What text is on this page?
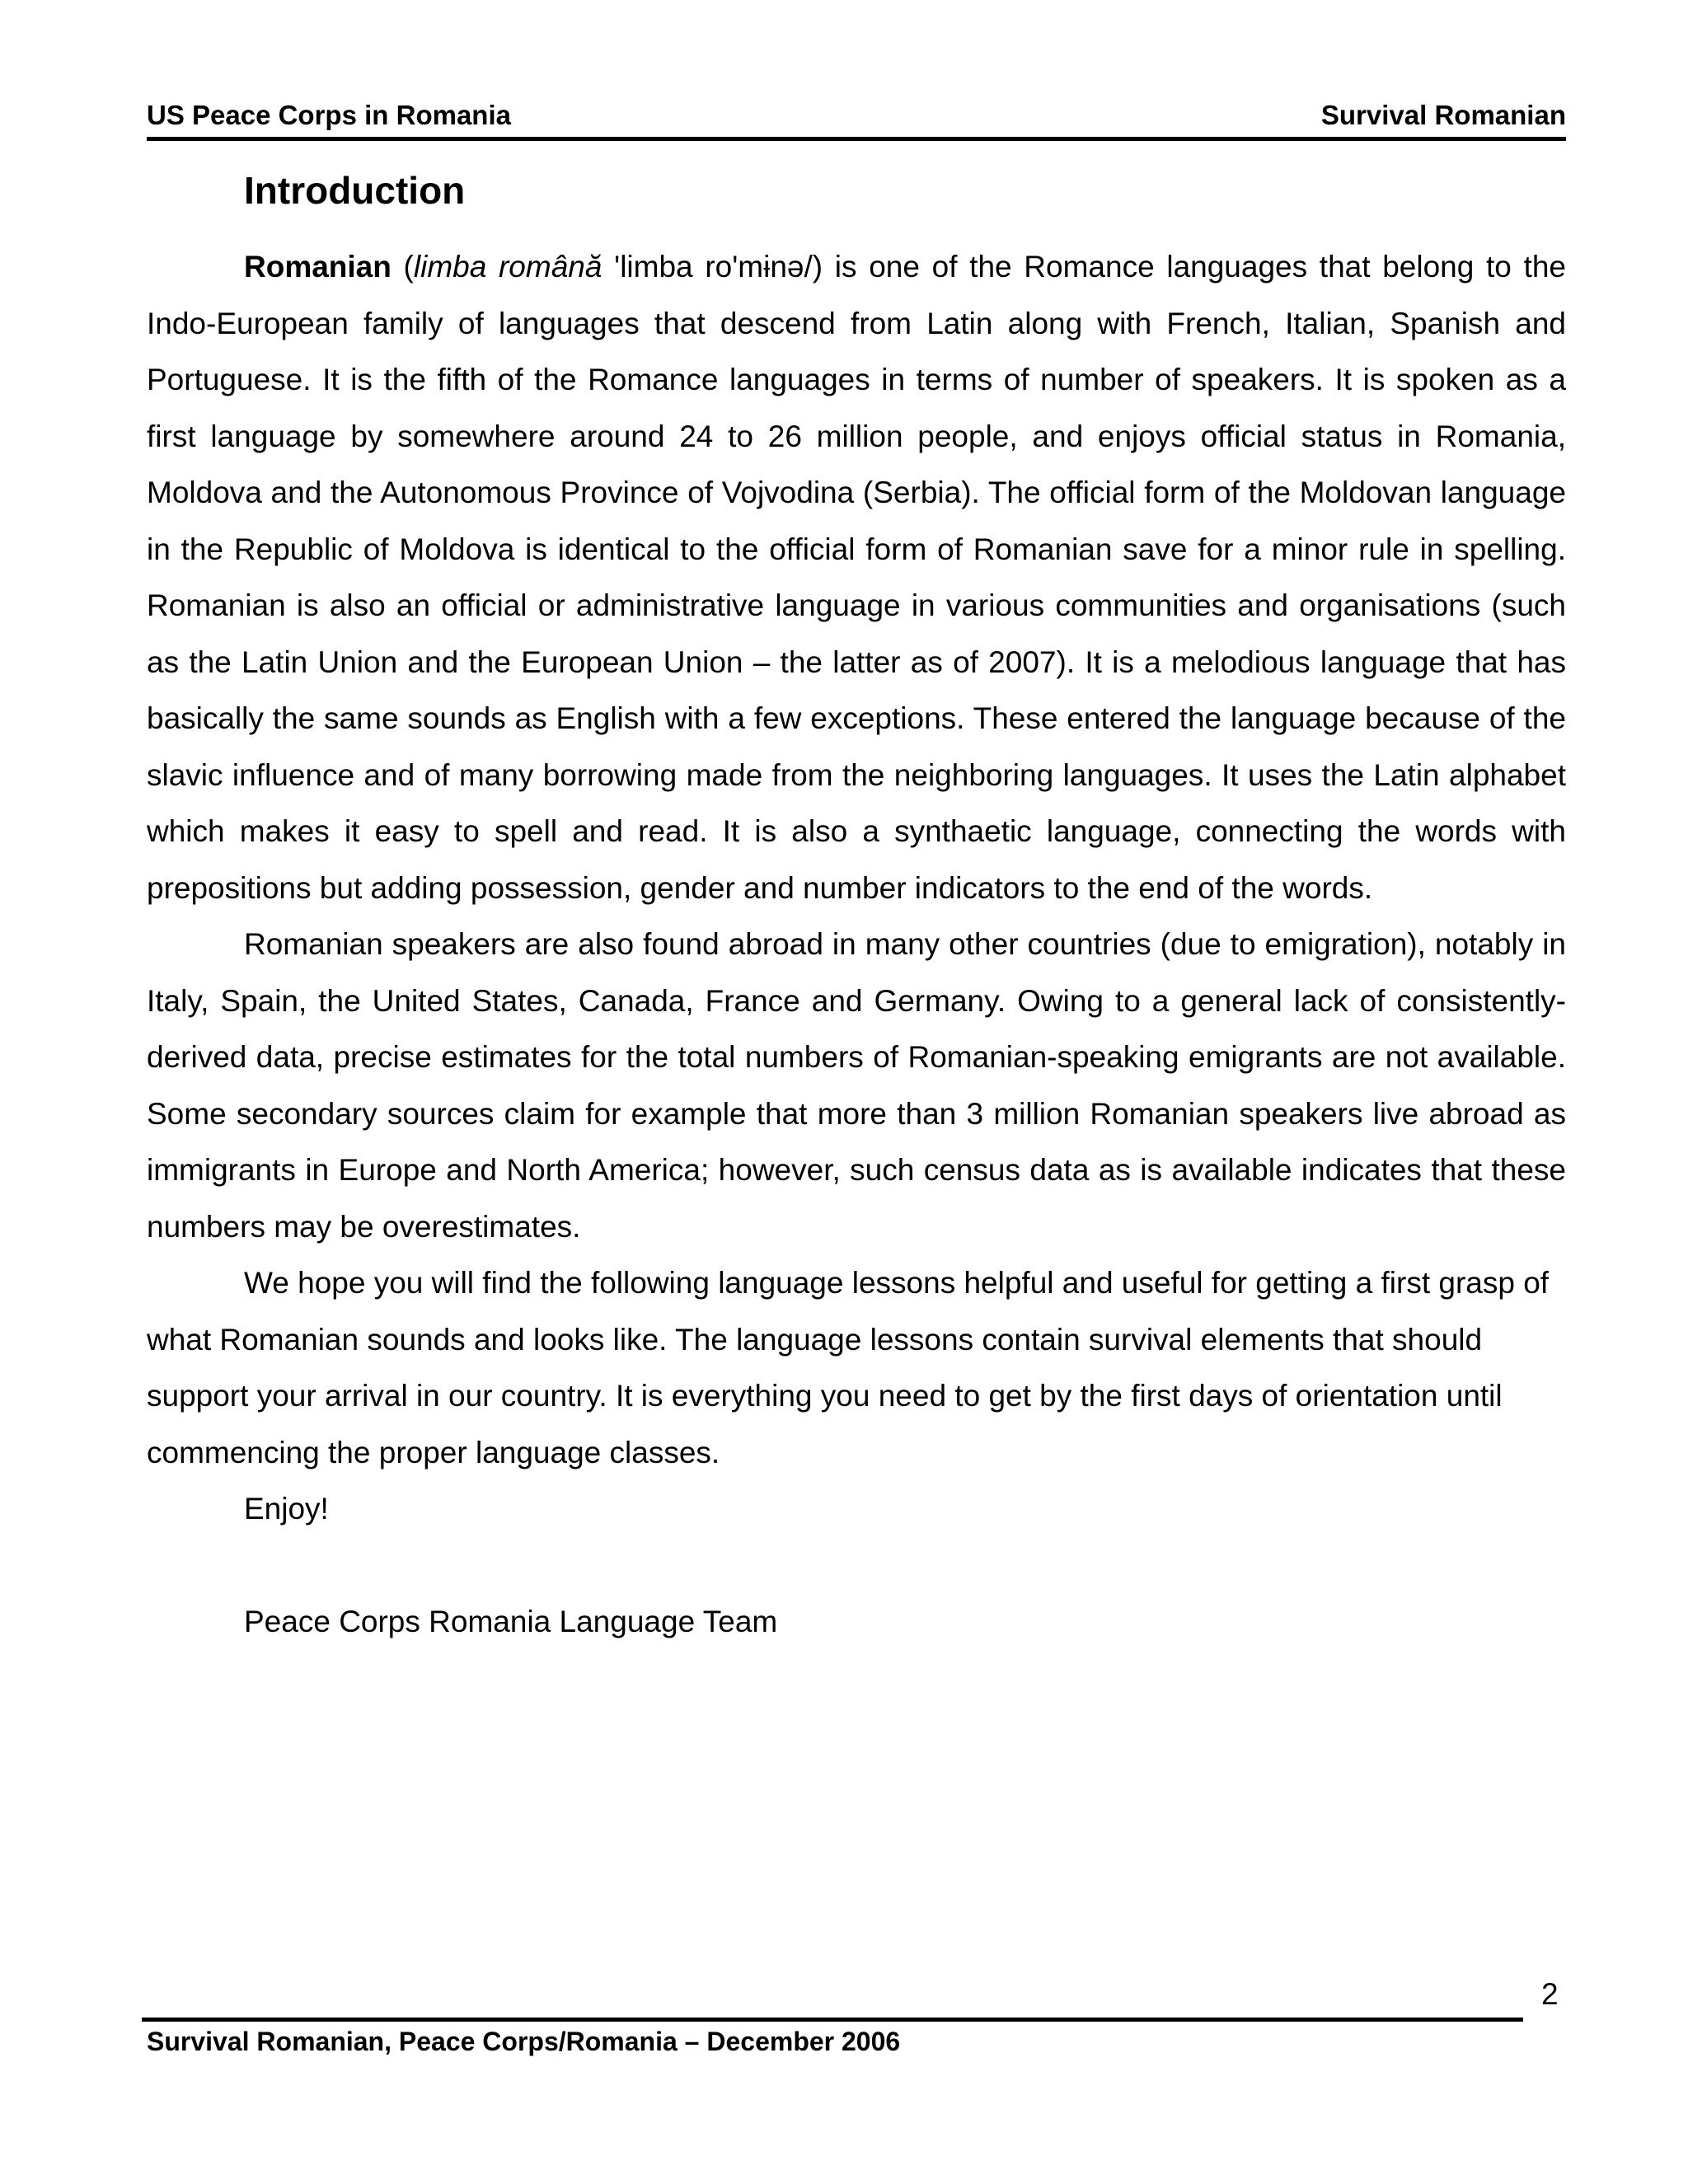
US Peace Corps in Romania	Survival Romanian
Introduction

Romanian (limba română 'limba ro'mɨnə/) is one of the Romance languages that belong to the Indo-European family of languages that descend from Latin along with French, Italian, Spanish and Portuguese. It is the fifth of the Romance languages in terms of number of speakers. It is spoken as a first language by somewhere around 24 to 26 million people, and enjoys official status in Romania, Moldova and the Autonomous Province of Vojvodina (Serbia). The official form of the Moldovan language in the Republic of Moldova is identical to the official form of Romanian save for a minor rule in spelling. Romanian is also an official or administrative language in various communities and organisations (such as the Latin Union and the European Union – the latter as of 2007). It is a melodious language that has basically the same sounds as English with a few exceptions. These entered the language because of the slavic influence and of many borrowing made from the neighboring languages. It uses the Latin alphabet which makes it easy to spell and read. It is also a synthaetic language, connecting the words with prepositions but adding possession, gender and number indicators to the end of the words.

Romanian speakers are also found abroad in many other countries (due to emigration), notably in Italy, Spain, the United States, Canada, France and Germany. Owing to a general lack of consistently-derived data, precise estimates for the total numbers of Romanian-speaking emigrants are not available. Some secondary sources claim for example that more than 3 million Romanian speakers live abroad as immigrants in Europe and North America; however, such census data as is available indicates that these numbers may be overestimates.

We hope you will find the following language lessons helpful and useful for getting a first grasp of what Romanian sounds and looks like. The language lessons contain survival elements that should support your arrival in our country. It is everything you need to get by the first days of orientation until commencing the proper language classes.

Enjoy!

Peace Corps Romania Language Team

2
Survival Romanian, Peace Corps/Romania – December 2006
